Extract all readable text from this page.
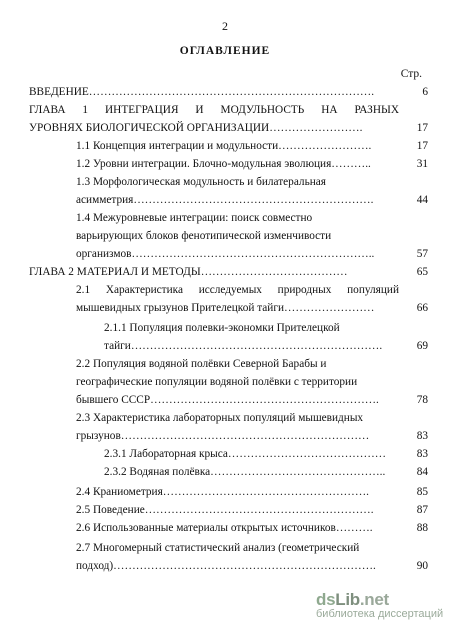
2
ОГЛАВЛЕНИЕ
Стр.
ВВЕДЕНИЕ………………………………………………………………….	6
ГЛАВА 1 ИНТЕГРАЦИЯ И МОДУЛЬНОСТЬ НА РАЗНЫХ
УРОВНЯХ БИОЛОГИЧЕСКОЙ ОРГАНИЗАЦИИ…………………….	17
1.1 Концепция интеграции и модульности…………………….	17
1.2 Уровни интеграции. Блочно-модульная эволюция………..	31
1.3 Морфологическая модульность и билатеральная
асимметрия……………………………………………………….	44
1.4 Межуровневые интеграции: поиск совместно
варьирующих блоков фенотипической изменчивости
организмов………………………………………………………..	57
ГЛАВА 2 МАТЕРИАЛ И МЕТОДЫ…………………………………	65
2.1 Характеристика исследуемых природных популяций
мышевидных грызунов Прителецкой тайги……………………	66
2.1.1 Популяция полевки-экономки Прителецкой
тайги………………………………………………………….	69
2.2 Популяция водяной полёвки Северной Барабы и
географические популяции водяной полёвки с территории
бывшего СССР…………………………………………………….	78
2.3 Характеристика лабораторных популяций мышевидных
грызунов…………………………………………………………	83
2.3.1 Лабораторная крыса……………………………………	83
2.3.2 Водяная полёвка………………………………………..	84
2.4 Краниометрия……………………………………………….	85
2.5 Поведение…………………………………………………….	87
2.6 Использованные материалы открытых источников……….	88
2.7 Многомерный статистический анализ (геометрический
подход)…………………………………………………………….	90
dsLib.net
библиотека диссертаций
